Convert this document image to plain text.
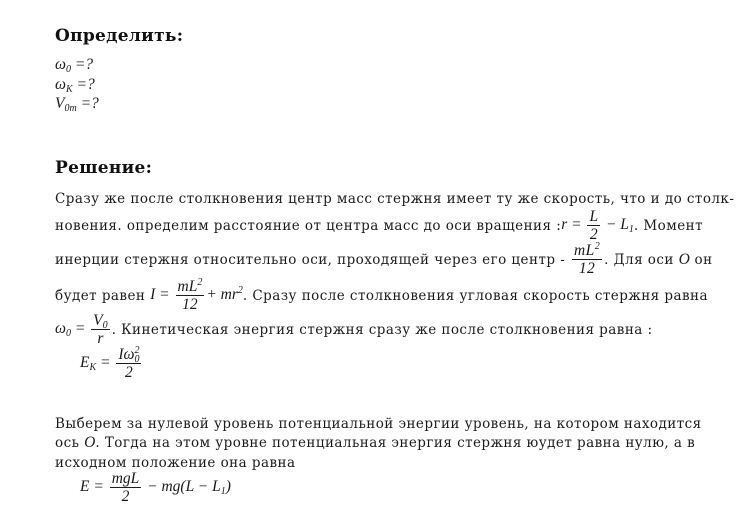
Определить:
$\omega_0$ =?
$\omega_K$ =?
$V_{0m}$ =?
Решение:
Сразу же после столкновения центр масс стержня имеет ту же скорость, что и до столк-
новения. определим расстояние от центра масс до оси вращения :r = $\frac{L}{2} - L_1$. Момент
инерции стержня относительно оси, проходящей через его центр - $\frac{mL^2}{12}$ . Для оси O он
будет равен $I = \frac{mL^2}{12} + mr^2$. Сразу после столкновения угловая скорость стержня равна
$\omega_0 = \frac{V_0}{r}$ . Кинетическая энергия стержня сразу же после столкновения равна :
$E_K = \frac{I\omega_0^2}{2}$
Выберем за нулевой уровень потенциальной энергии уровень, на котором находится
ось O. Тогда на этом уровне потенциальная энергия стержня юудет равна нулю, а в
исходном положение она равна
$E = \frac{\text{mgL}}{2} - mg(L - L_1)$
